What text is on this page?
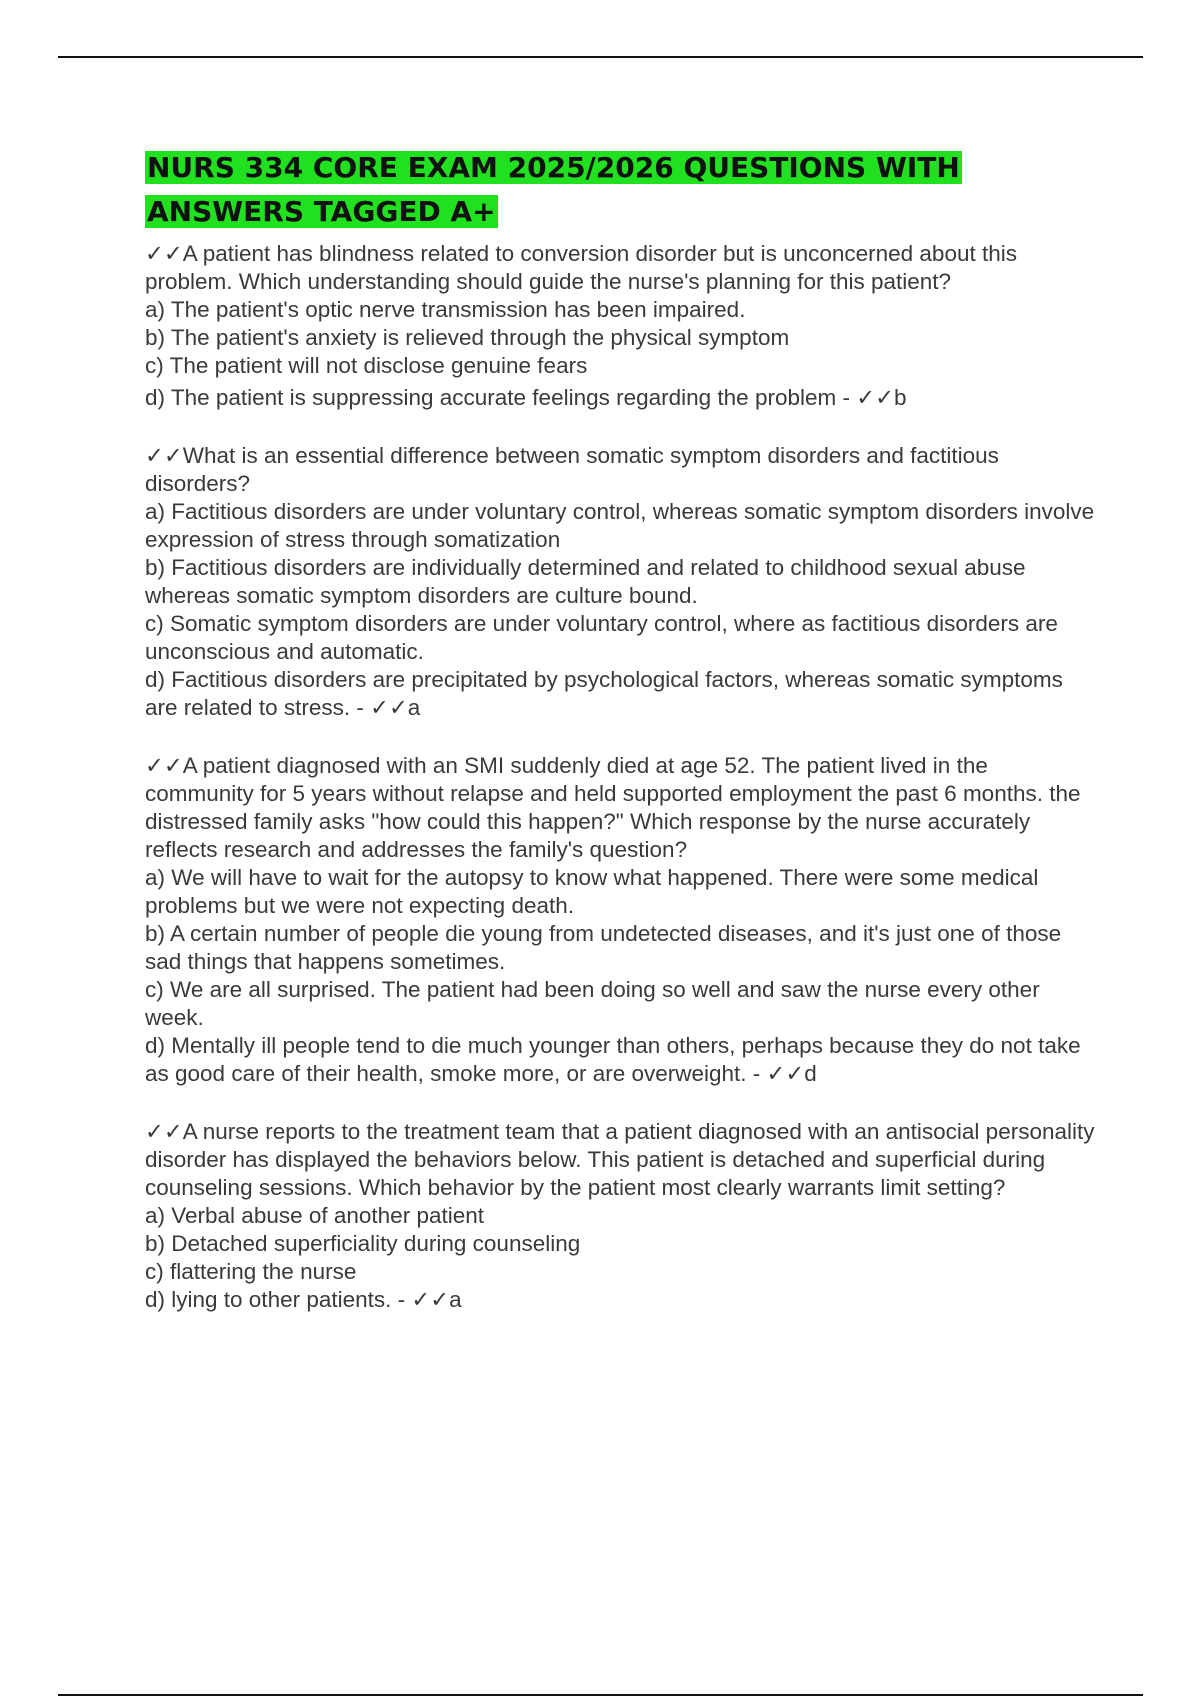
NURS 334 CORE EXAM 2025/2026 QUESTIONS WITH
ANSWERS TAGGED A+

✓✓A patient has blindness related to conversion disorder but is unconcerned about this problem. Which understanding should guide the nurse's planning for this patient?

a) The patient's optic nerve transmission has been impaired.

b) The patient's anxiety is relieved through the physical symptom

c) The patient will not disclose genuine fears

d) The patient is suppressing accurate feelings regarding the problem - ✓✓b

✓✓What is an essential difference between somatic symptom disorders and factitious disorders?

a) Factitious disorders are under voluntary control, whereas somatic symptom disorders involve expression of stress through somatization

b) Factitious disorders are individually determined and related to childhood sexual abuse whereas somatic symptom disorders are culture bound.

c) Somatic symptom disorders are under voluntary control, where as factitious disorders are unconscious and automatic.

d) Factitious disorders are precipitated by psychological factors, whereas somatic symptoms are related to stress. - ✓✓a

✓✓A patient diagnosed with an SMI suddenly died at age 52. The patient lived in the community for 5 years without relapse and held supported employment the past 6 months. the distressed family asks "how could this happen?" Which response by the nurse accurately reflects research and addresses the family's question?

a) We will have to wait for the autopsy to know what happened. There were some medical problems but we were not expecting death.

b) A certain number of people die young from undetected diseases, and it's just one of those sad things that happens sometimes.

c) We are all surprised. The patient had been doing so well and saw the nurse every other week.

d) Mentally ill people tend to die much younger than others, perhaps because they do not take as good care of their health, smoke more, or are overweight. - ✓✓d

✓✓A nurse reports to the treatment team that a patient diagnosed with an antisocial personality disorder has displayed the behaviors below. This patient is detached and superficial during counseling sessions. Which behavior by the patient most clearly warrants limit setting?

a) Verbal abuse of another patient

b) Detached superficiality during counseling

c) flattering the nurse

d) lying to other patients. - ✓✓a
